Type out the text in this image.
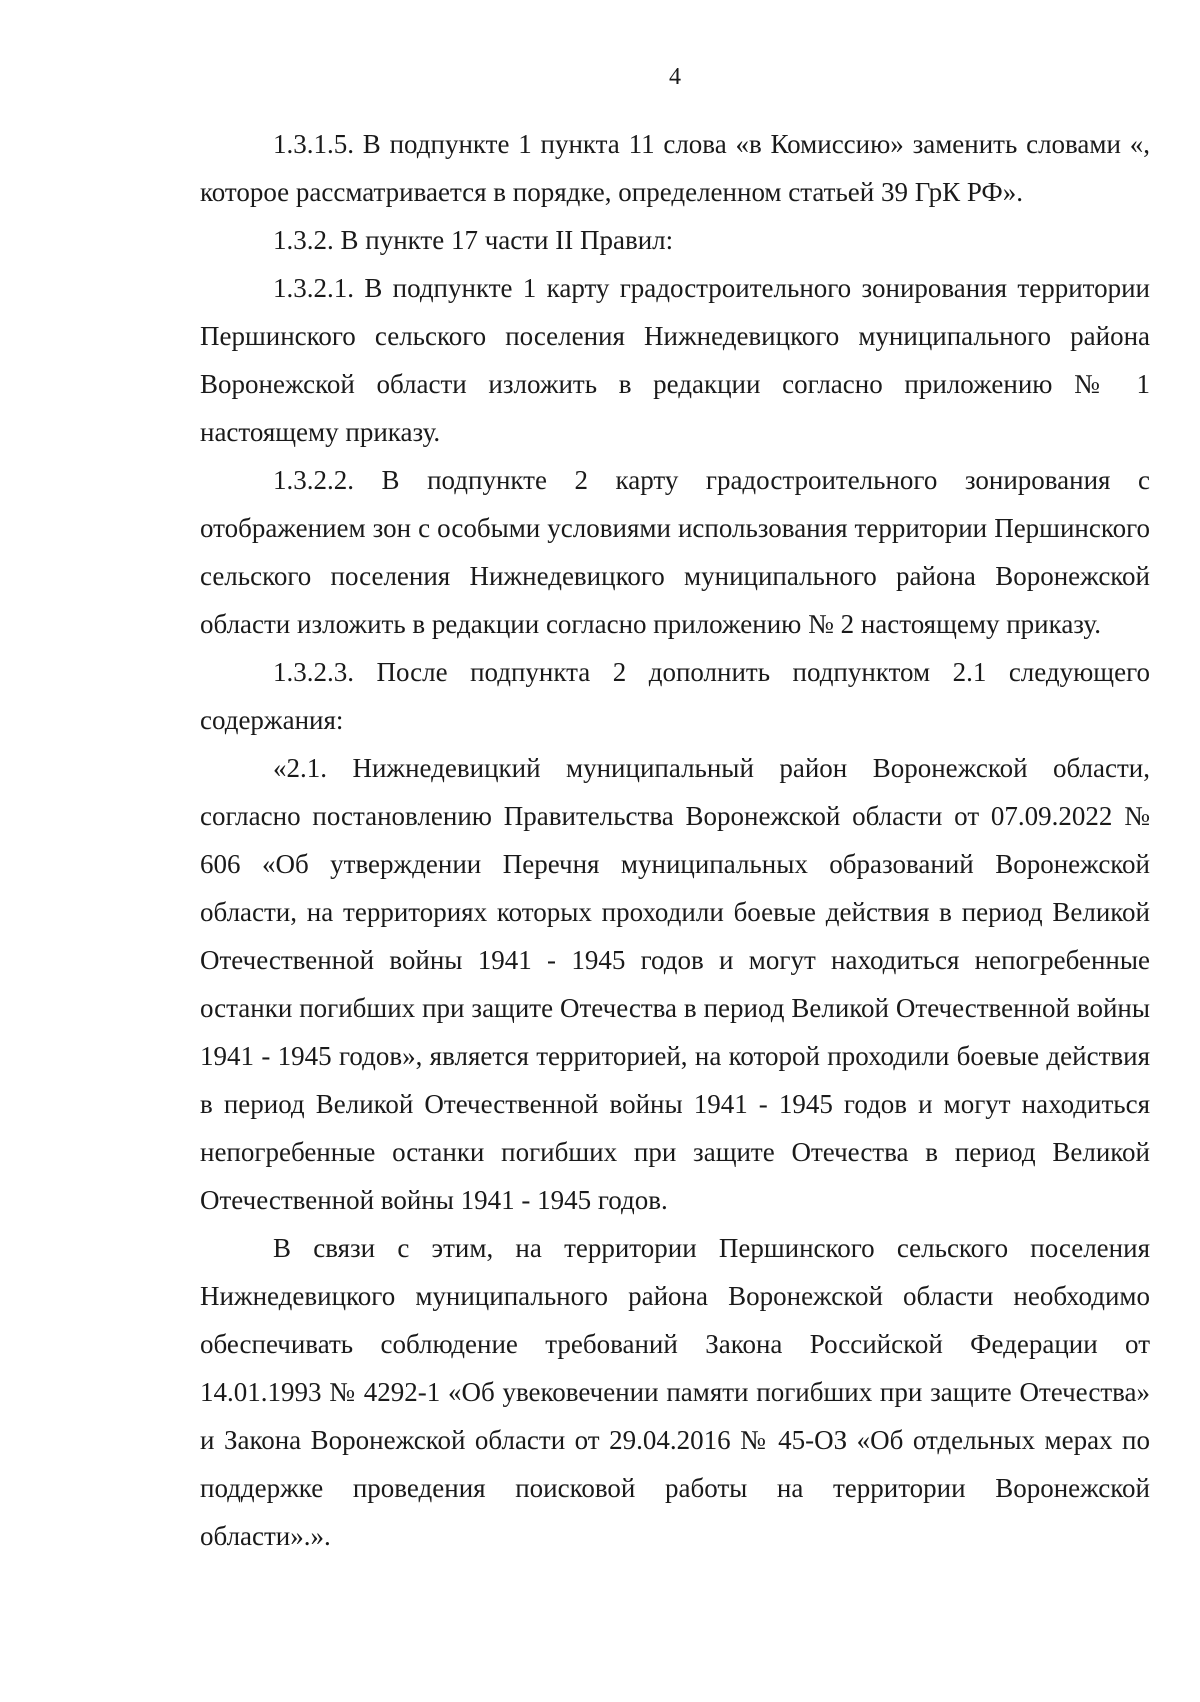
4

1.3.1.5. В подпункте 1 пункта 11 слова «в Комиссию» заменить словами «, которое рассматривается в порядке, определенном статьей 39 ГрК РФ».

1.3.2. В пункте 17 части II Правил:

1.3.2.1. В подпункте 1 карту градостроительного зонирования территории Першинского сельского поселения Нижнедевицкого муниципального района Воронежской области изложить в редакции согласно приложению № 1 настоящему приказу.

1.3.2.2. В подпункте 2 карту градостроительного зонирования с отображением зон с особыми условиями использования территории Першинского сельского поселения Нижнедевицкого муниципального района Воронежской области изложить в редакции согласно приложению № 2 настоящему приказу.

1.3.2.3. После подпункта 2 дополнить подпунктом 2.1 следующего содержания:

«2.1. Нижнедевицкий муниципальный район Воронежской области, согласно постановлению Правительства Воронежской области от 07.09.2022 № 606 «Об утверждении Перечня муниципальных образований Воронежской области, на территориях которых проходили боевые действия в период Великой Отечественной войны 1941 - 1945 годов и могут находиться непогребенные останки погибших при защите Отечества в период Великой Отечественной войны 1941 - 1945 годов», является территорией, на которой проходили боевые действия в период Великой Отечественной войны 1941 - 1945 годов и могут находиться непогребенные останки погибших при защите Отечества в период Великой Отечественной войны 1941 - 1945 годов.

В связи с этим, на территории Першинского сельского поселения Нижнедевицкого муниципального района Воронежской области необходимо обеспечивать соблюдение требований Закона Российской Федерации от 14.01.1993 № 4292-1 «Об увековечении памяти погибших при защите Отечества» и Закона Воронежской области от 29.04.2016 № 45-ОЗ «Об отдельных мерах по поддержке проведения поисковой работы на территории Воронежской области».».
